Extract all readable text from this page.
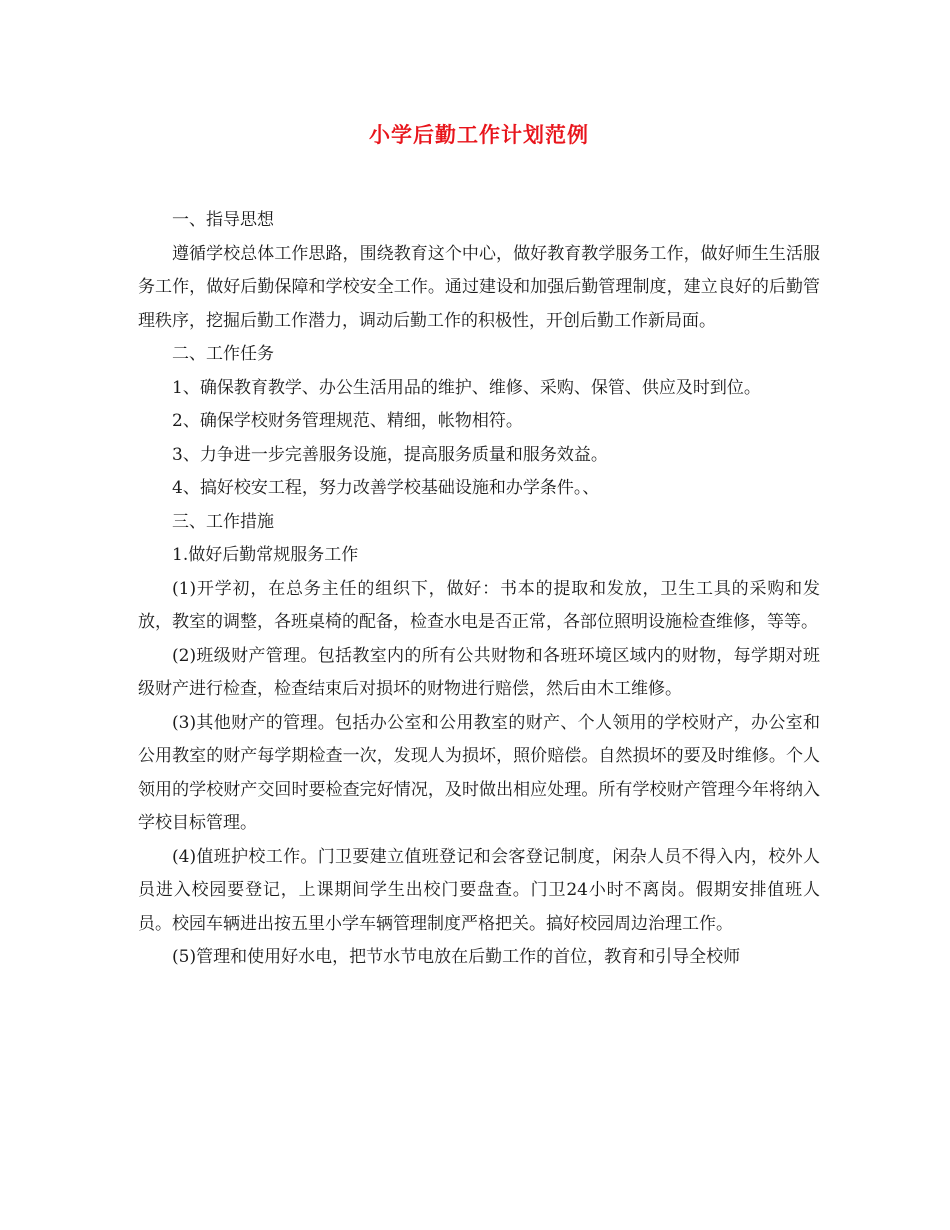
小学后勤工作计划范例

一、指导思想

遵循学校总体工作思路，围绕教育这个中心，做好教育教学服务工作，做好师生生活服务工作，做好后勤保障和学校安全工作。通过建设和加强后勤管理制度，建立良好的后勤管理秩序，挖掘后勤工作潜力，调动后勤工作的积极性，开创后勤工作新局面。

二、工作任务

1、确保教育教学、办公生活用品的维护、维修、采购、保管、供应及时到位。

2、确保学校财务管理规范、精细，帐物相符。

3、力争进一步完善服务设施，提高服务质量和服务效益。

4、搞好校安工程，努力改善学校基础设施和办学条件。、

三、工作措施

1.做好后勤常规服务工作

(1)开学初，在总务主任的组织下，做好：书本的提取和发放，卫生工具的采购和发放，教室的调整，各班桌椅的配备，检查水电是否正常，各部位照明设施检查维修，等等。

(2)班级财产管理。包括教室内的所有公共财物和各班环境区域内的财物，每学期对班级财产进行检查，检查结束后对损坏的财物进行赔偿，然后由木工维修。

(3)其他财产的管理。包括办公室和公用教室的财产、个人领用的学校财产，办公室和公用教室的财产每学期检查一次，发现人为损坏，照价赔偿。自然损坏的要及时维修。个人领用的学校财产交回时要检查完好情况，及时做出相应处理。所有学校财产管理今年将纳入学校目标管理。

(4)值班护校工作。门卫要建立值班登记和会客登记制度，闲杂人员不得入内，校外人员进入校园要登记，上课期间学生出校门要盘查。门卫24小时不离岗。假期安排值班人员。校园车辆进出按五里小学车辆管理制度严格把关。搞好校园周边治理工作。

(5)管理和使用好水电，把节水节电放在后勤工作的首位，教育和引导全校师
